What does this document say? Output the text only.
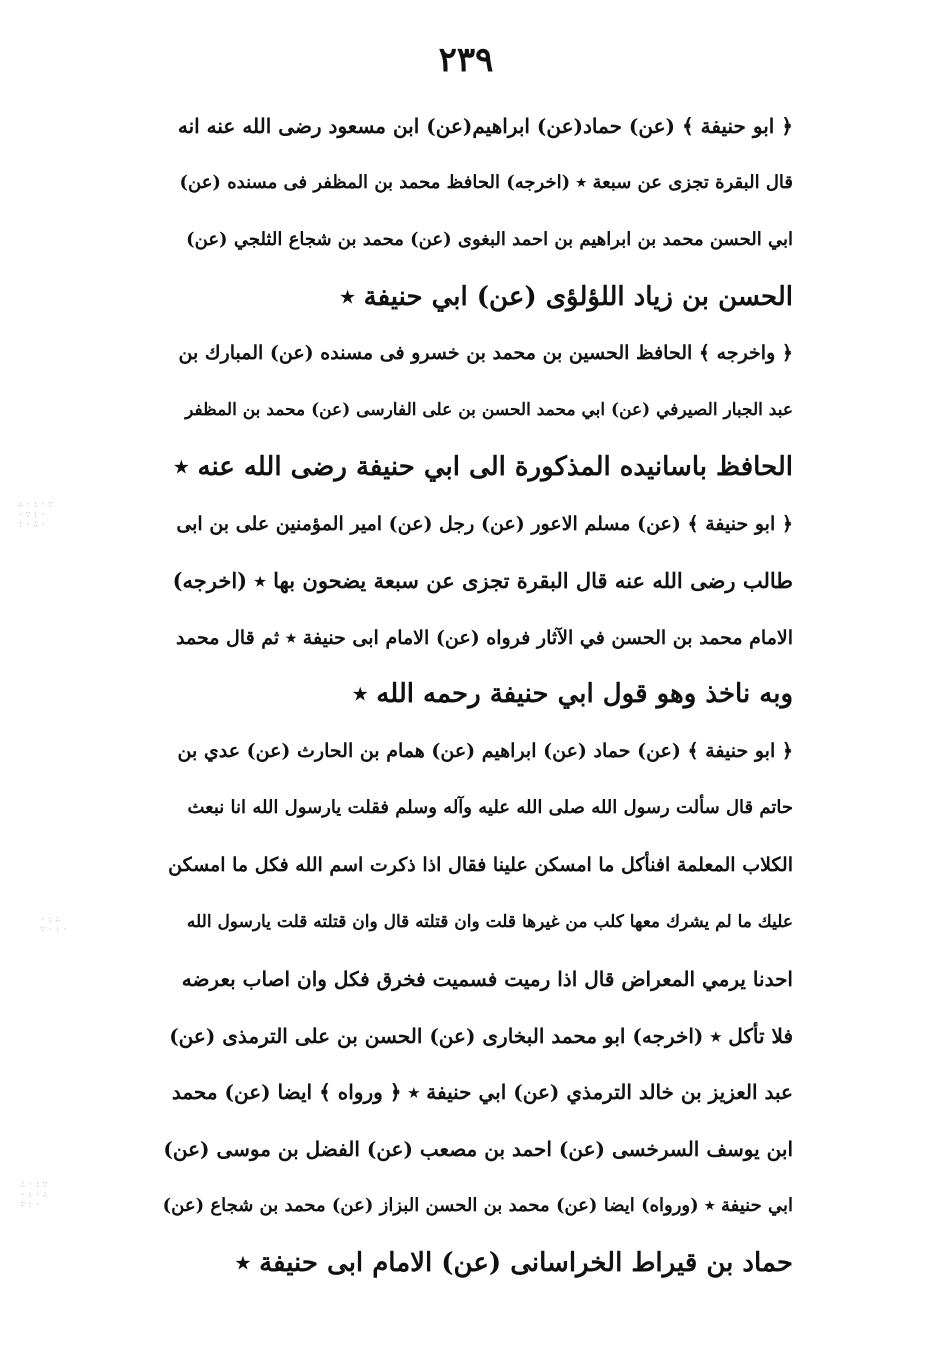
٢٣٩
∴·:·∵
·∵:·
:·∴·
·:∴
∵·:·
∴·:∵
·:·∴
∵:·
﴿ ابو حنيفة ﴾ (عن) حماد(عن) ابراهيم(عن) ابن مسعود رضى الله عنه انه
قال البقرة تجزى عن سبعة ٭ (اخرجه) الحافظ محمد بن المظفر فى مسنده (عن)
ابي الحسن محمد بن ابراهيم بن احمد البغوى (عن) محمد بن شجاع الثلجي (عن)
الحسن بن زياد اللؤلؤى (عن) ابي حنيفة ٭
﴿ واخرجه ﴾ الحافظ الحسين بن محمد بن خسرو فى مسنده (عن) المبارك بن
عبد الجبار الصيرفي (عن) ابي محمد الحسن بن على الفارسى (عن) محمد بن المظفر
الحافظ باسانيده المذكورة الى ابي حنيفة رضى الله عنه ٭
﴿ ابو حنيفة ﴾ (عن) مسلم الاعور (عن) رجل (عن) امير المؤمنين على بن ابى
طالب رضى الله عنه قال البقرة تجزى عن سبعة يضحون بها ٭ (اخرجه)
الامام محمد بن الحسن في الآثار فرواه (عن) الامام ابى حنيفة ٭ ثم قال محمد
وبه ناخذ وهو قول ابي حنيفة رحمه الله ٭
﴿ ابو حنيفة ﴾ (عن) حماد (عن) ابراهيم (عن) همام بن الحارث (عن) عدي بن
حاتم قال سألت رسول الله صلى الله عليه وآله وسلم فقلت يارسول الله انا نبعث
الكلاب المعلمة افنأكل ما امسكن علينا فقال اذا ذكرت اسم الله فكل ما امسكن
عليك ما لم يشرك معها كلب من غيرها قلت وان قتلته قال وان قتلته قلت يارسول الله
احدنا يرمي المعراض قال اذا رميت فسميت فخرق فكل وان اصاب بعرضه
فلا تأكل ٭ (اخرجه) ابو محمد البخارى (عن) الحسن بن على الترمذى (عن)
عبد العزيز بن خالد الترمذي (عن) ابي حنيفة ٭ ﴿ ورواه ﴾ ايضا (عن) محمد
ابن يوسف السرخسى (عن) احمد بن مصعب (عن) الفضل بن موسى (عن)
ابي حنيفة ٭ (ورواه) ايضا (عن) محمد بن الحسن البزاز (عن) محمد بن شجاع (عن)
حماد بن قيراط الخراسانى (عن) الامام ابى حنيفة ٭
